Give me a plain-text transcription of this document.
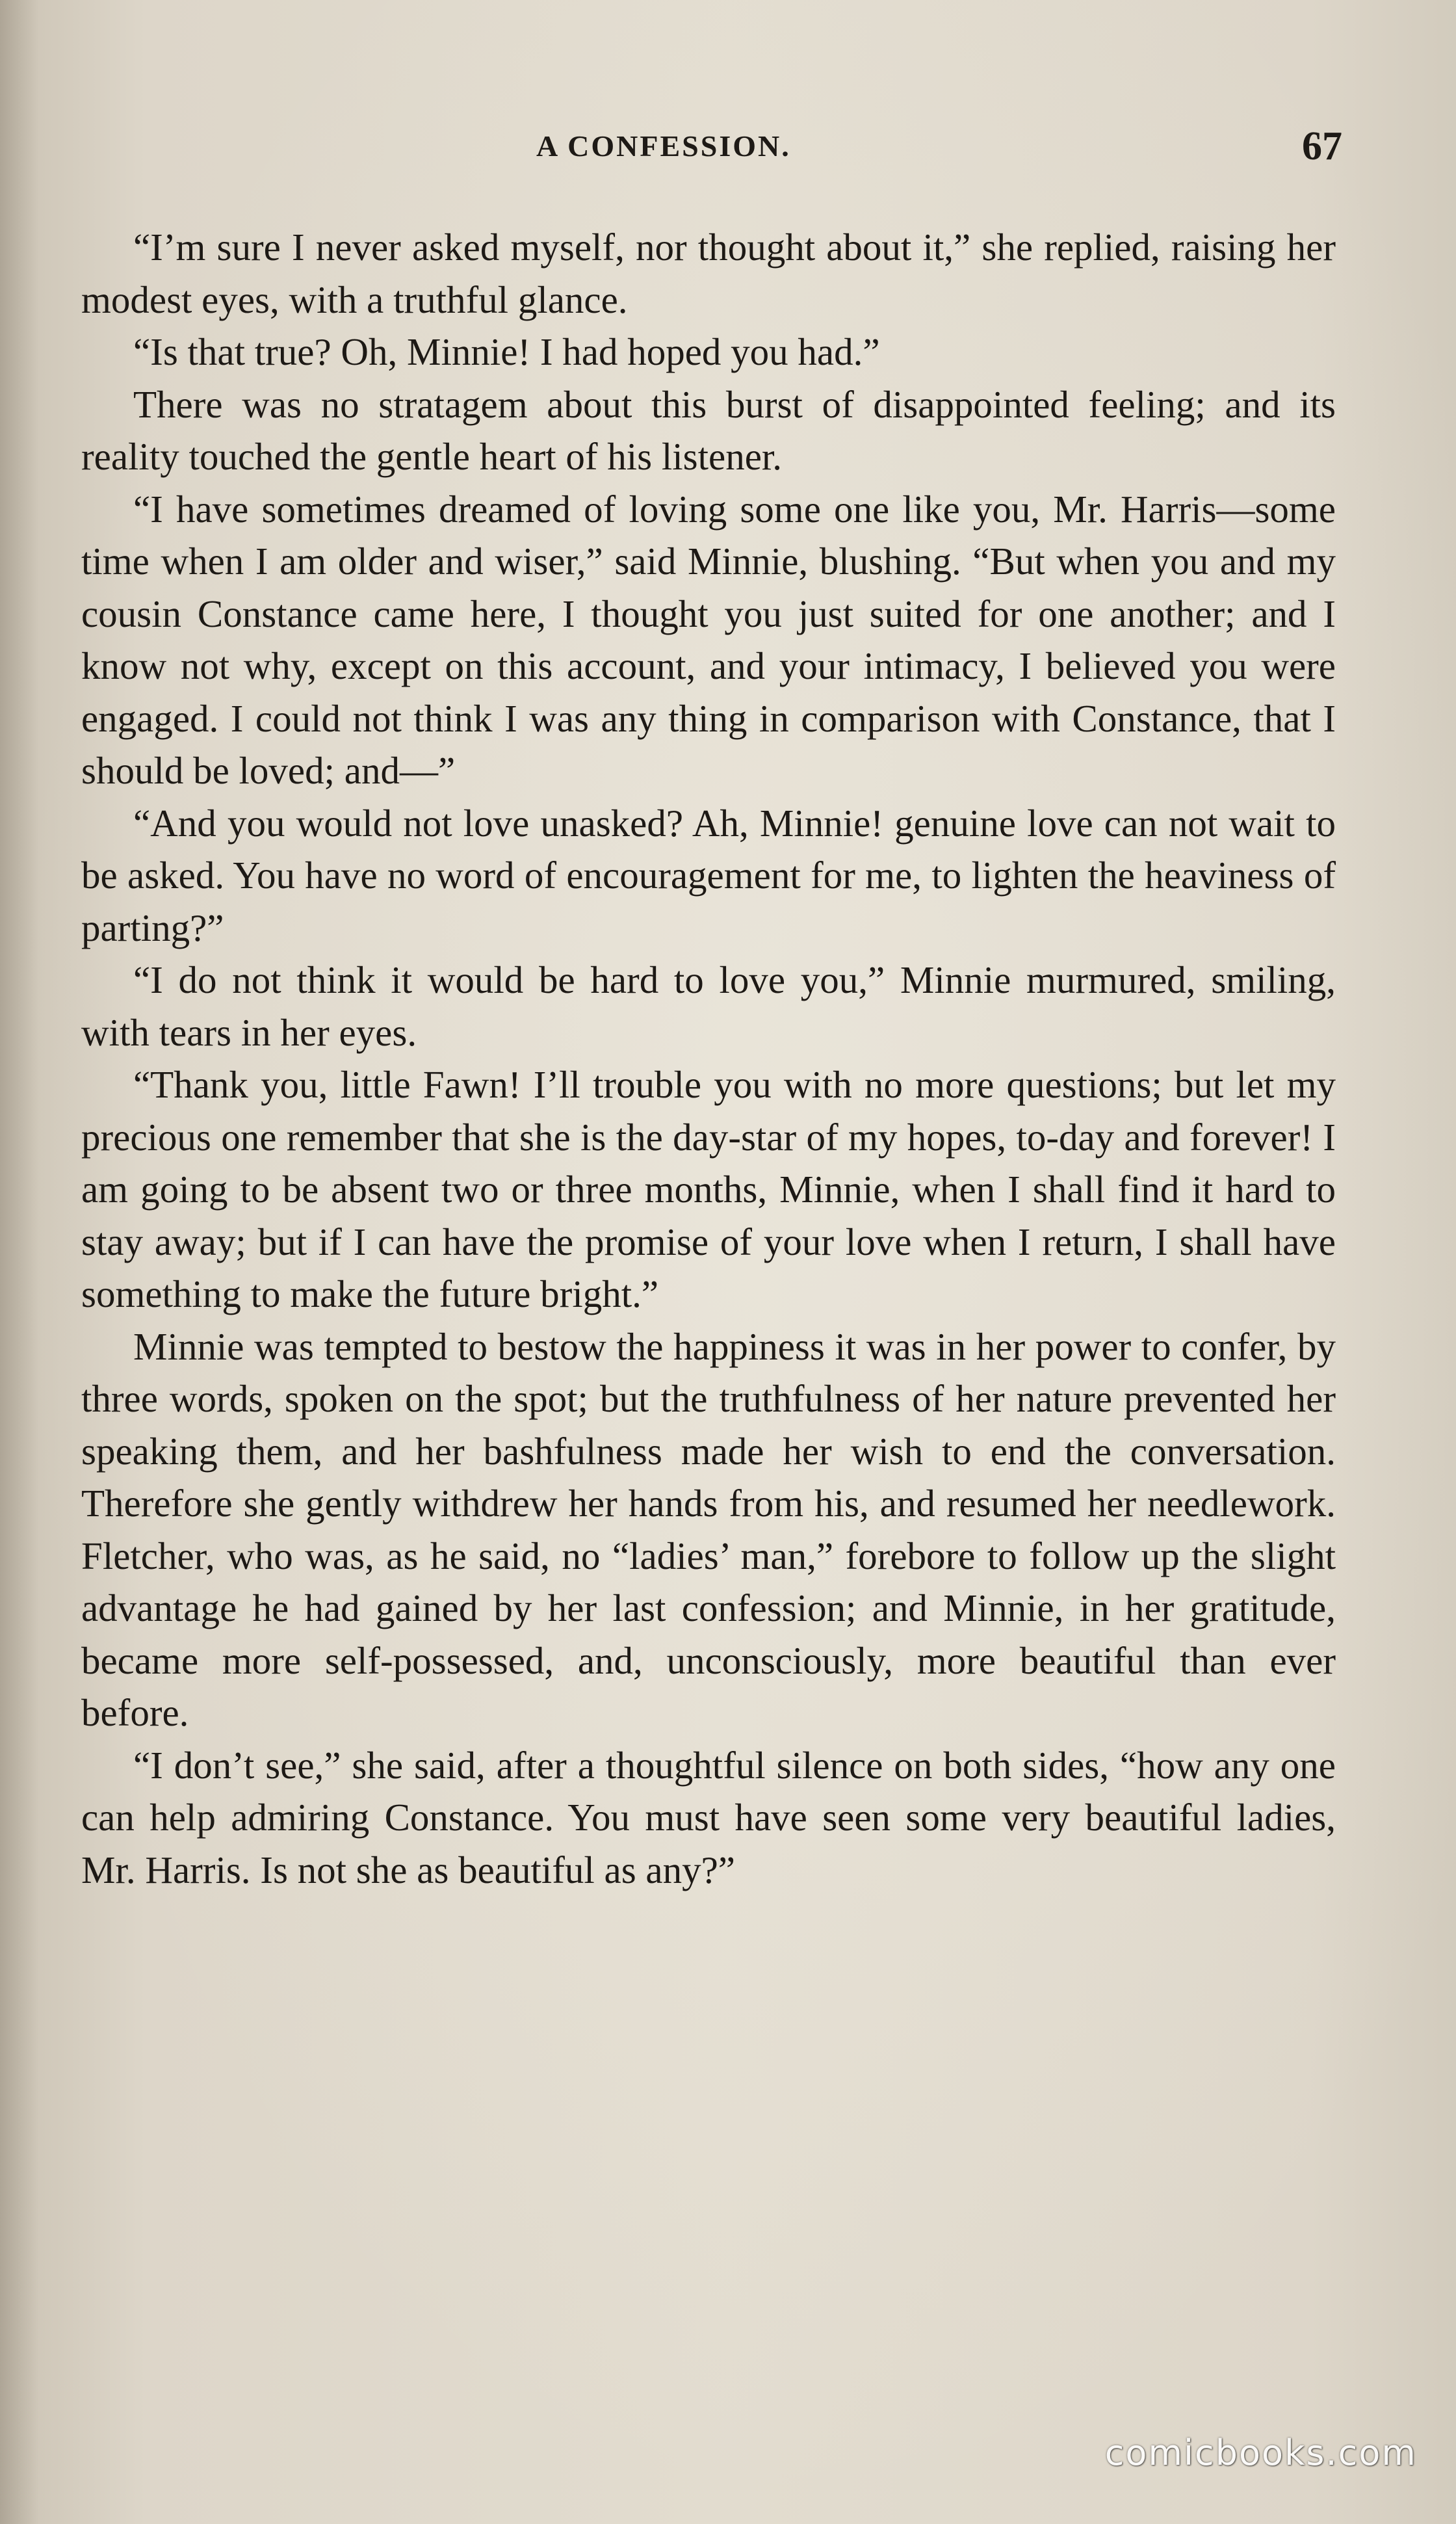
A CONFESSION.	67

“I’m sure I never asked myself, nor thought about it,” she replied, raising her modest eyes, with a truthful glance.

“Is that true? Oh, Minnie! I had hoped you had.”

There was no stratagem about this burst of disappointed feeling; and its reality touched the gentle heart of his listener.

“I have sometimes dreamed of loving some one like you, Mr. Harris—some time when I am older and wiser,” said Minnie, blushing. “But when you and my cousin Constance came here, I thought you just suited for one another; and I know not why, except on this account, and your intimacy, I believed you were engaged. I could not think I was any thing in comparison with Constance, that I should be loved; and—”

“And you would not love unasked? Ah, Minnie! genuine love can not wait to be asked. You have no word of encouragement for me, to lighten the heaviness of parting?”

“I do not think it would be hard to love you,” Minnie murmured, smiling, with tears in her eyes.

“Thank you, little Fawn! I’ll trouble you with no more questions; but let my precious one remember that she is the day-star of my hopes, to-day and forever! I am going to be absent two or three months, Minnie, when I shall find it hard to stay away; but if I can have the promise of your love when I return, I shall have something to make the future bright.”

Minnie was tempted to bestow the happiness it was in her power to confer, by three words, spoken on the spot; but the truthfulness of her nature prevented her speaking them, and her bashfulness made her wish to end the conversation. Therefore she gently withdrew her hands from his, and resumed her needlework. Fletcher, who was, as he said, no “ladies’ man,” forebore to follow up the slight advantage he had gained by her last confession; and Minnie, in her gratitude, became more self-possessed, and, unconsciously, more beautiful than ever before.

“I don’t see,” she said, after a thoughtful silence on both sides, “how any one can help admiring Constance. You must have seen some very beautiful ladies, Mr. Harris. Is not she as beautiful as any?”

comicbooks.com
